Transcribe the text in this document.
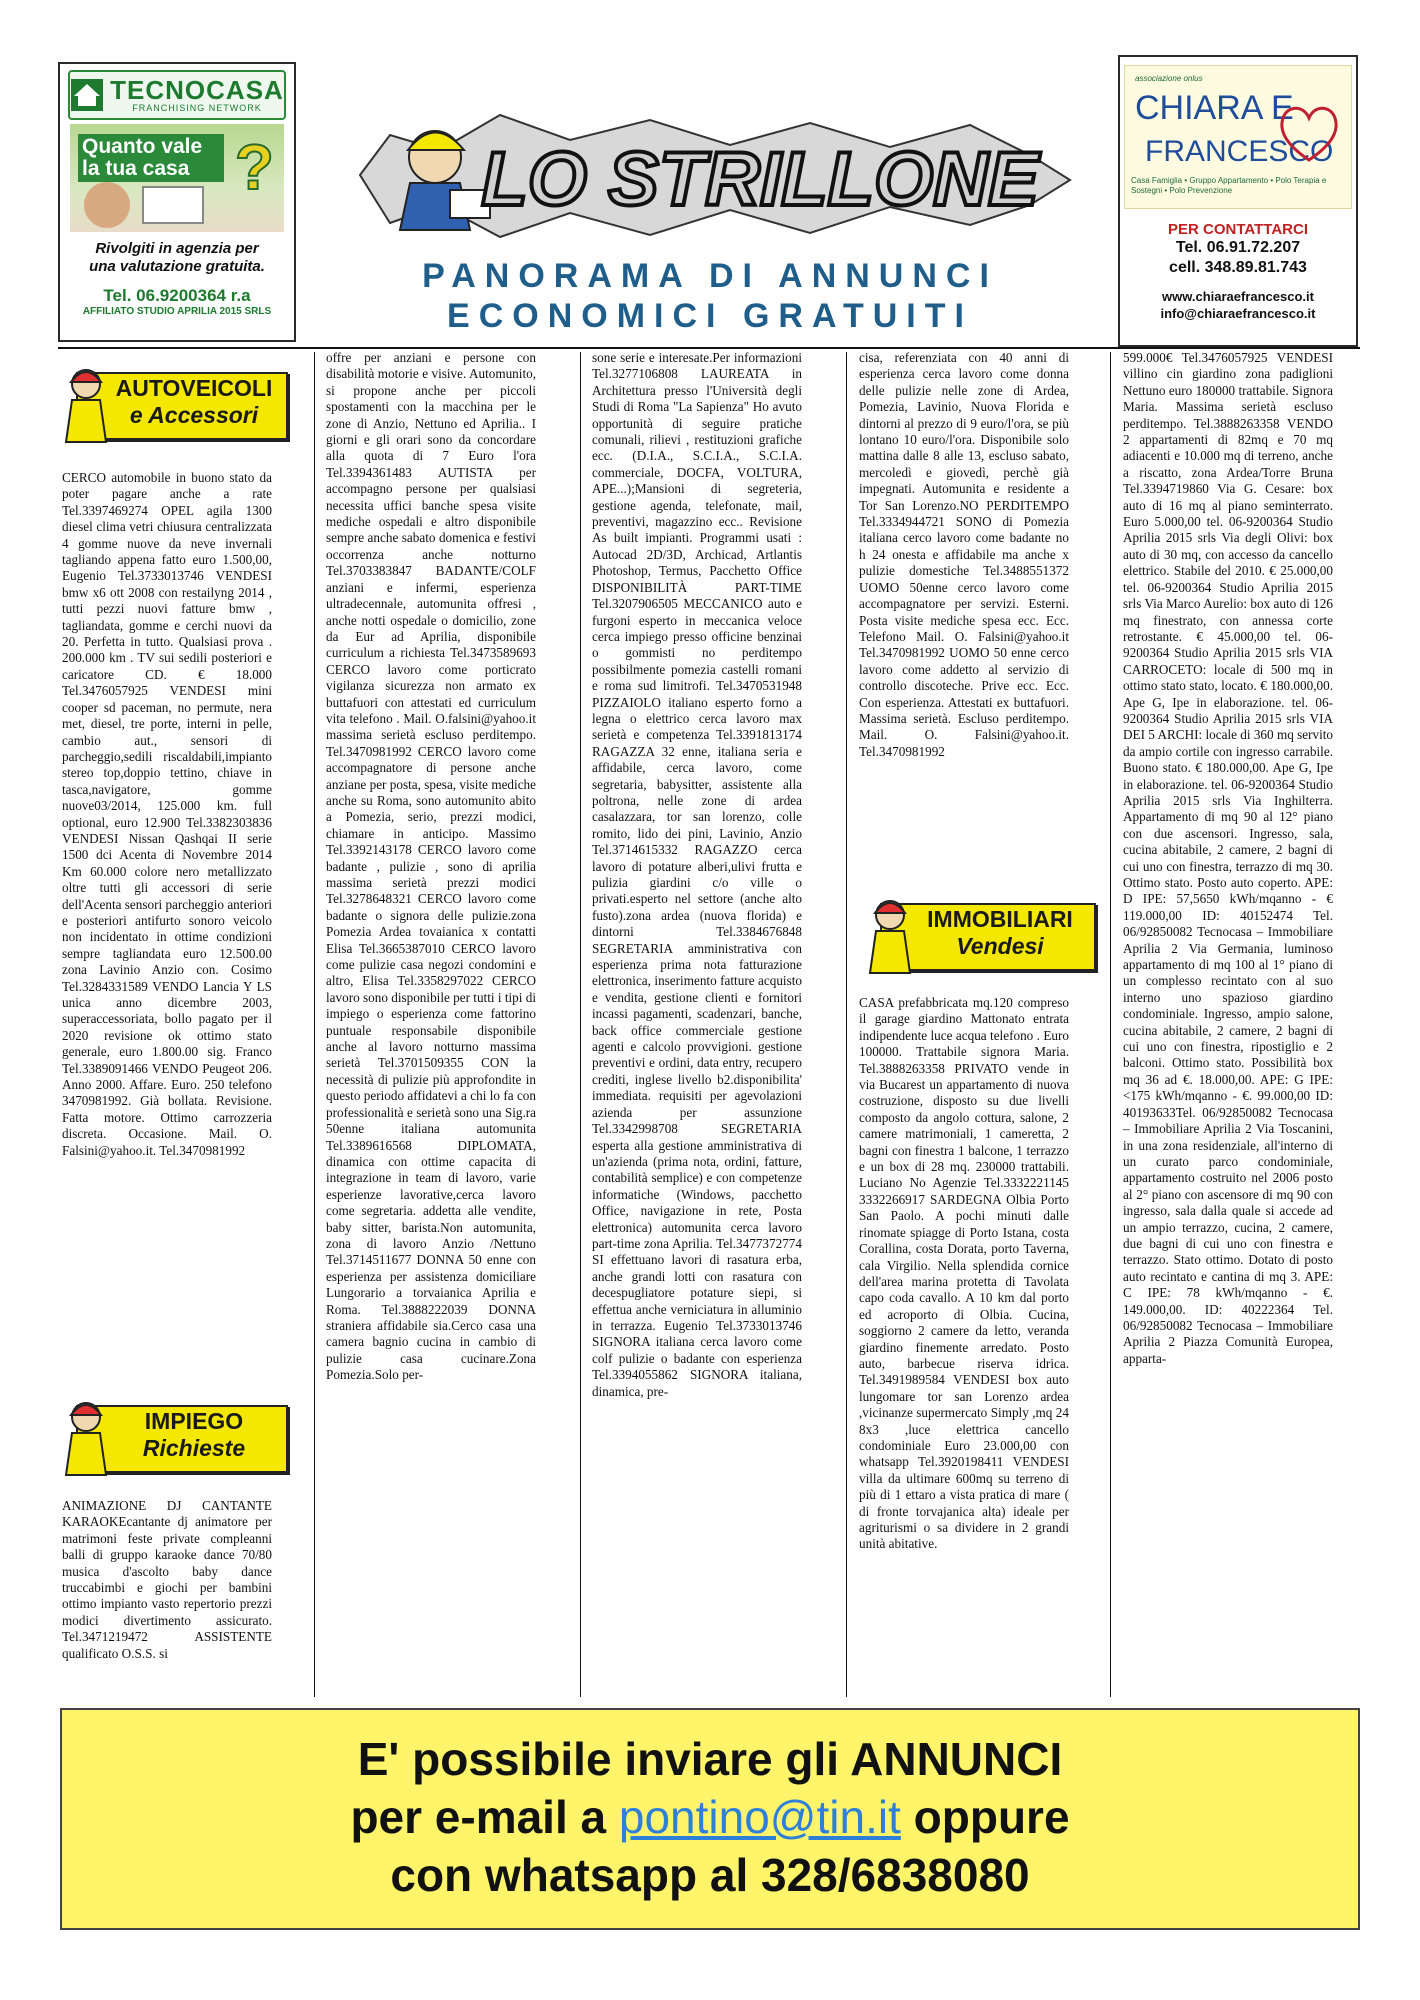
TECNOCASA
FRANCHISING NETWORK
Quanto vale la tua casa ?
Rivolgiti in agenzia per
una valutazione gratuita.
Tel. 06.9200364 r.a
AFFILIATO STUDIO APRILIA 2015 SRLS
LO STRILLONE
PANORAMA DI ANNUNCI
ECONOMICI GRATUITI
associazione onlus
CHIARA E
FRANCESCO
Casa Famiglia • Gruppo Appartamento • Polo Terapia e Sostegni • Polo Prevenzione
PER CONTATTARCI
Tel. 06.91.72.207
cell. 348.89.81.743
www.chiaraefrancesco.it
info@chiaraefrancesco.it
AUTOVEICOLI
e Accessori

CERCO automobile in buono stato da poter pagare anche a rate Tel.3397469274 OPEL agila 1300 diesel clima vetri chiusura centralizzata 4 gomme nuove da neve invernali tagliando appena fatto euro 1.500,00, Eugenio Tel.3733013746 VENDESI bmw x6 ott 2008 con restailyng 2014 , tutti pezzi nuovi fatture bmw , tagliandata, gomme e cerchi nuovi da 20. Perfetta in tutto. Qualsiasi prova . 200.000 km . TV sui sedili posteriori e caricatore CD. € 18.000 Tel.3476057925 VENDESI mini cooper sd paceman, no permute, nera met, diesel, tre porte, interni in pelle, cambio aut., sensori di parcheggio,sedili riscaldabili,impianto stereo top,doppio tettino, chiave in tasca,navigatore, gomme nuove03/2014, 125.000 km. full optional, euro 12.900 Tel.3382303836 VENDESI Nissan Qashqai II serie 1500 dci Acenta di Novembre 2014 Km 60.000 colore nero metallizzato oltre tutti gli accessori di serie dell'Acenta sensori parcheggio anteriori e posteriori antifurto sonoro veicolo non incidentato in ottime condizioni sempre tagliandata euro 12.500.00 zona Lavinio Anzio con. Cosimo Tel.3284331589 VENDO Lancia Y LS unica anno dicembre 2003, superaccessoriata, bollo pagato per il 2020 revisione ok ottimo stato generale, euro 1.800.00 sig. Franco Tel.3389091466 VENDO Peugeot 206. Anno 2000. Affare. Euro. 250 telefono 3470981992. Già bollata. Revisione. Fatta motore. Ottimo carrozzeria discreta. Occasione. Mail. O. Falsini@yahoo.it. Tel.3470981992

IMPIEGO
Richieste

ANIMAZIONE DJ CANTANTE KARAOKEcantante dj animatore per matrimoni feste private compleanni balli di gruppo karaoke dance 70/80 musica d'ascolto baby dance truccabimbi e giochi per bambini ottimo impianto vasto repertorio prezzi modici divertimento assicurato. Tel.3471219472 ASSISTENTE qualificato O.S.S. si

offre per anziani e persone con disabilità motorie e visive. Automunito, si propone anche per piccoli spostamenti con la macchina per le zone di Anzio, Nettuno ed Aprilia.. I giorni e gli orari sono da concordare alla quota di 7 Euro l'ora Tel.3394361483 AUTISTA per accompagno persone per qualsiasi necessita uffici banche spesa visite mediche ospedali e altro disponibile sempre anche sabato domenica e festivi occorrenza anche notturno Tel.3703383847 BADANTE/COLF anziani e infermi, esperienza ultradecennale, automunita offresi , anche notti ospedale o domicilio, zone da Eur ad Aprilia, disponibile curriculum a richiesta Tel.3473589693 CERCO lavoro come porticrato vigilanza sicurezza non armato ex buttafuori con attestati ed curriculum vita telefono . Mail. O.falsini@yahoo.it massima serietà escluso perditempo. Tel.3470981992 CERCO lavoro come accompagnatore di persone anche anziane per posta, spesa, visite mediche anche su Roma, sono automunito abito a Pomezia, serio, prezzi modici, chiamare in anticipo. Massimo Tel.3392143178 CERCO lavoro come badante , pulizie , sono di aprilia massima serietà prezzi modici Tel.3278648321 CERCO lavoro come badante o signora delle pulizie.zona Pomezia Ardea tovaianica x contatti Elisa Tel.3665387010 CERCO lavoro come pulizie casa negozi condomini e altro, Elisa Tel.3358297022 CERCO lavoro sono disponibile per tutti i tipi di impiego o esperienza come fattorino puntuale responsabile disponibile anche al lavoro notturno massima serietà Tel.3701509355 CON la necessità di pulizie più approfondite in questo periodo affidatevi a chi lo fa con professionalità e serietà sono una Sig.ra 50enne italiana automunita Tel.3389616568 DIPLOMATA, dinamica con ottime capacita di integrazione in team di lavoro, varie esperienze lavorative,cerca lavoro come segretaria. addetta alle vendite, baby sitter, barista.Non automunita, zona di lavoro Anzio /Nettuno Tel.3714511677 DONNA 50 enne con esperienza per assistenza domiciliare Lungorario a torvaianica Aprilia e Roma. Tel.3888222039 DONNA straniera affidabile sia.Cerco casa una camera bagnio cucina in cambio di pulizie casa cucinare.Zona Pomezia.Solo per-

sone serie e interesate.Per informazioni Tel.3277106808 LAUREATA in Architettura presso l'Università degli Studi di Roma "La Sapienza" Ho avuto opportunità di seguire pratiche comunali, rilievi , restituzioni grafiche ecc. (D.I.A., S.C.I.A., S.C.I.A. commerciale, DOCFA, VOLTURA, APE...);Mansioni di segreteria, gestione agenda, telefonate, mail, preventivi, magazzino ecc.. Revisione As built impianti. Programmi usati : Autocad 2D/3D, Archicad, Artlantis Photoshop, Termus, Pacchetto Office DISPONIBILITÀ PART-TIME Tel.3207906505 MECCANICO auto e furgoni esperto in meccanica veloce cerca impiego presso officine benzinai o gommisti no perditempo possibilmente pomezia castelli romani e roma sud limitrofi. Tel.3470531948 PIZZAIOLO italiano esperto forno a legna o elettrico cerca lavoro max serietà e competenza Tel.3391813174 RAGAZZA 32 enne, italiana seria e affidabile, cerca lavoro, come segretaria, babysitter, assistente alla poltrona, nelle zone di ardea casalazzara, tor san lorenzo, colle romito, lido dei pini, Lavinio, Anzio Tel.3714615332 RAGAZZO cerca lavoro di potature alberi,ulivi frutta e pulizia giardini c/o ville o privati.esperto nel settore (anche alto fusto).zona ardea (nuova florida) e dintorni Tel.3384676848 SEGRETARIA amministrativa con esperienza prima nota fatturazione elettronica, inserimento fatture acquisto e vendita, gestione clienti e fornitori incassi pagamenti, scadenzari, banche, back office commerciale gestione agenti e calcolo provvigioni. gestione preventivi e ordini, data entry, recupero crediti, inglese livello b2.disponibilita' immediata. requisiti per agevolazioni azienda per assunzione Tel.3342998708 SEGRETARIA esperta alla gestione amministrativa di un'azienda (prima nota, ordini, fatture, contabilità semplice) e con competenze informatiche (Windows, pacchetto Office, navigazione in rete, Posta elettronica) automunita cerca lavoro part-time zona Aprilia. Tel.3477372774 SI effettuano lavori di rasatura erba, anche grandi lotti con rasatura con decespugliatore potature siepi, si effettua anche verniciatura in alluminio in terrazza. Eugenio Tel.3733013746 SIGNORA italiana cerca lavoro come colf pulizie o badante con esperienza Tel.3394055862 SIGNORA italiana, dinamica, pre-

cisa, referenziata con 40 anni di esperienza cerca lavoro come donna delle pulizie nelle zone di Ardea, Pomezia, Lavinio, Nuova Florida e dintorni al prezzo di 9 euro/l'ora, se più lontano 10 euro/l'ora. Disponibile solo mattina dalle 8 alle 13, escluso sabato, mercoledì e giovedì, perchè già impegnati. Automunita e residente a Tor San Lorenzo.NO PERDITEMPO Tel.3334944721 SONO di Pomezia italiana cerco lavoro come badante no h 24 onesta e affidabile ma anche x pulizie domestiche Tel.3488551372 UOMO 50enne cerco lavoro come accompagnatore per servizi. Esterni. Posta visite mediche spesa ecc. Ecc. Telefono Mail. O. Falsini@yahoo.it Tel.3470981992 UOMO 50 enne cerco lavoro come addetto al servizio di controllo discoteche. Prive ecc. Ecc. Con esperienza. Attestati ex buttafuori. Massima serietà. Escluso perditempo. Mail. O. Falsini@yahoo.it. Tel.3470981992

IMMOBILIARI
Vendesi

CASA prefabbricata mq.120 compreso il garage giardino Mattonato entrata indipendente luce acqua telefono . Euro 100000. Trattabile signora Maria. Tel.3888263358 PRIVATO vende in via Bucarest un appartamento di nuova costruzione, disposto su due livelli composto da angolo cottura, salone, 2 camere matrimoniali, 1 cameretta, 2 bagni con finestra 1 balcone, 1 terrazzo e un box di 28 mq. 230000 trattabili. Luciano No Agenzie Tel.3332221145 3332266917 SARDEGNA Olbia Porto San Paolo. A pochi minuti dalle rinomate spiagge di Porto Istana, costa Corallina, costa Dorata, porto Taverna, cala Virgilio. Nella splendida cornice dell'area marina protetta di Tavolata capo coda cavallo. A 10 km dal porto ed acroporto di Olbia. Cucina, soggiorno 2 camere da letto, veranda giardino finemente arredato. Posto auto, barbecue riserva idrica. Tel.3491989584 VENDESI box auto lungomare tor san Lorenzo ardea ,vicinanze supermercato Simply ,mq 24 8x3 ,luce elettrica cancello condominiale Euro 23.000,00 con whatsapp Tel.3920198411 VENDESI villa da ultimare 600mq su terreno di più di 1 ettaro a vista pratica di mare ( di fronte torvajanica alta) ideale per agriturismi o sa dividere in 2 grandi unità abitative.

599.000€ Tel.3476057925 VENDESI villino cin giardino zona padiglioni Nettuno euro 180000 trattabile. Signora Maria. Massima serietà escluso perditempo. Tel.3888263358 VENDO 2 appartamenti di 82mq e 70 mq adiacenti e 10.000 mq di terreno, anche a riscatto, zona Ardea/Torre Bruna Tel.3394719860 Via G. Cesare: box auto di 16 mq al piano seminterrato. Euro 5.000,00 tel. 06-9200364 Studio Aprilia 2015 srls Via degli Olivi: box auto di 30 mq, con accesso da cancello elettrico. Stabile del 2010. € 25.000,00 tel. 06-9200364 Studio Aprilia 2015 srls Via Marco Aurelio: box auto di 126 mq finestrato, con annessa corte retrostante. € 45.000,00 tel. 06-9200364 Studio Aprilia 2015 srls VIA CARROCETO: locale di 500 mq in ottimo stato stato, locato. € 180.000,00. Ape G, Ipe in elaborazione. tel. 06-9200364 Studio Aprilia 2015 srls VIA DEI 5 ARCHI: locale di 360 mq servito da ampio cortile con ingresso carrabile. Buono stato. € 180.000,00. Ape G, Ipe in elaborazione. tel. 06-9200364 Studio Aprilia 2015 srls Via Inghilterra. Appartamento di mq 90 al 12° piano con due ascensori. Ingresso, sala, cucina abitabile, 2 camere, 2 bagni di cui uno con finestra, terrazzo di mq 30. Ottimo stato. Posto auto coperto. APE: D IPE: 57,5650 kWh/mqanno - € 119.000,00 ID: 40152474 Tel. 06/92850082 Tecnocasa – Immobiliare Aprilia 2 Via Germania, luminoso appartamento di mq 100 al 1° piano di un complesso recintato con al suo interno uno spazioso giardino condominiale. Ingresso, ampio salone, cucina abitabile, 2 camere, 2 bagni di cui uno con finestra, ripostiglio e 2 balconi. Ottimo stato. Possibilità box mq 36 ad €. 18.000,00. APE: G IPE: <175 kWh/mqanno - €. 99.000,00 ID: 40193633Tel. 06/92850082 Tecnocasa – Immobiliare Aprilia 2 Via Toscanini, in una zona residenziale, all'interno di un curato parco condominiale, appartamento costruito nel 2006 posto al 2° piano con ascensore di mq 90 con ingresso, sala dalla quale si accede ad un ampio terrazzo, cucina, 2 camere, due bagni di cui uno con finestra e terrazzo. Stato ottimo. Dotato di posto auto recintato e cantina di mq 3. APE: C IPE: 78 kWh/mqanno - €. 149.000,00. ID: 40222364 Tel. 06/92850082 Tecnocasa – Immobiliare Aprilia 2 Piazza Comunità Europea, apparta-

E' possibile inviare gli ANNUNCI
per e-mail a pontino@tin.it oppure
con whatsapp al 328/6838080
